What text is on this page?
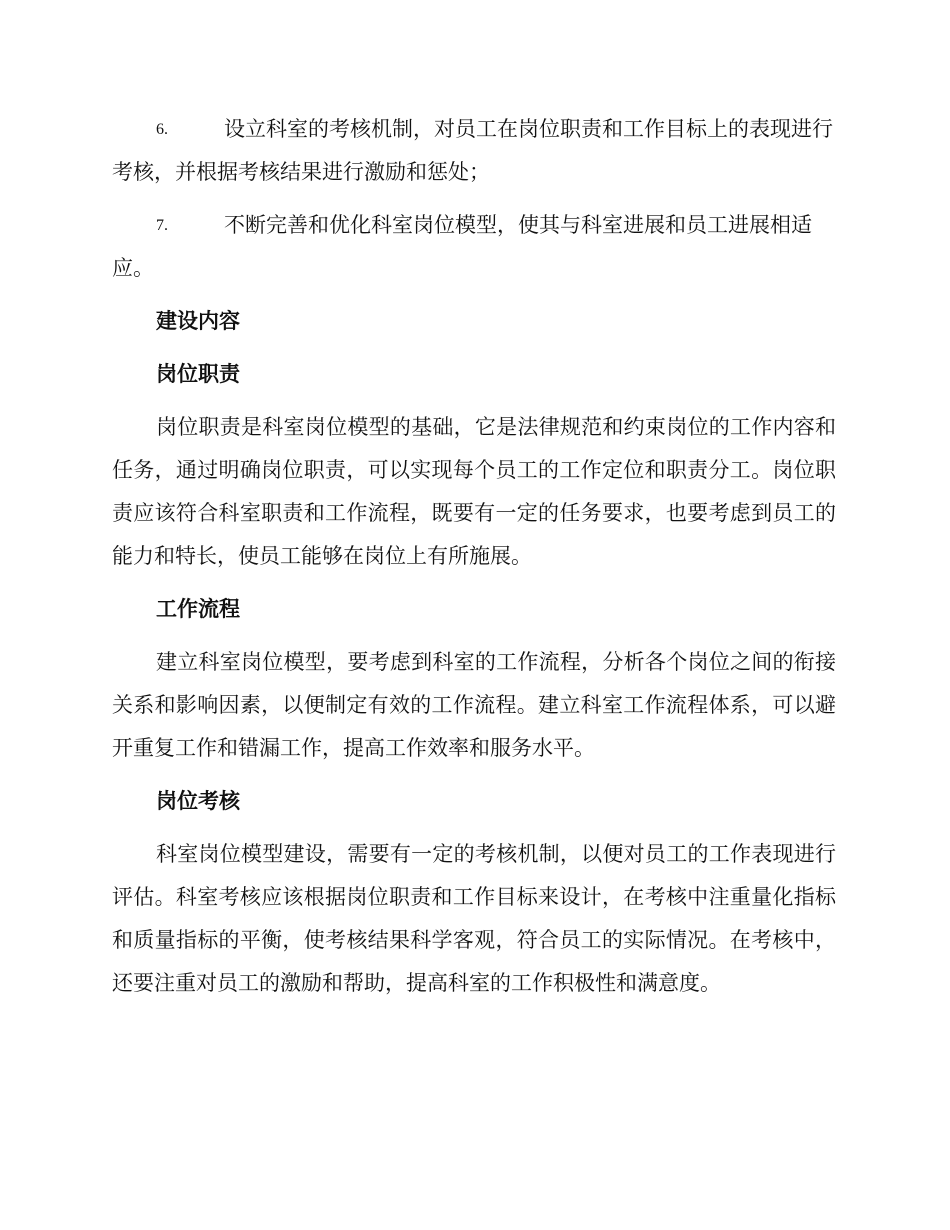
6.	设立科室的考核机制，对员工在岗位职责和工作目标上的表现进行考核，并根据考核结果进行激励和惩处；
7.	不断完善和优化科室岗位模型，使其与科室进展和员工进展相适应。
建设内容
岗位职责
岗位职责是科室岗位模型的基础，它是法律规范和约束岗位的工作内容和任务，通过明确岗位职责，可以实现每个员工的工作定位和职责分工。岗位职责应该符合科室职责和工作流程，既要有一定的任务要求，也要考虑到员工的能力和特长，使员工能够在岗位上有所施展。
工作流程
建立科室岗位模型，要考虑到科室的工作流程，分析各个岗位之间的衔接关系和影响因素，以便制定有效的工作流程。建立科室工作流程体系，可以避开重复工作和错漏工作，提高工作效率和服务水平。
岗位考核
科室岗位模型建设，需要有一定的考核机制，以便对员工的工作表现进行评估。科室考核应该根据岗位职责和工作目标来设计，在考核中注重量化指标和质量指标的平衡，使考核结果科学客观，符合员工的实际情况。在考核中，还要注重对员工的激励和帮助，提高科室的工作积极性和满意度。
